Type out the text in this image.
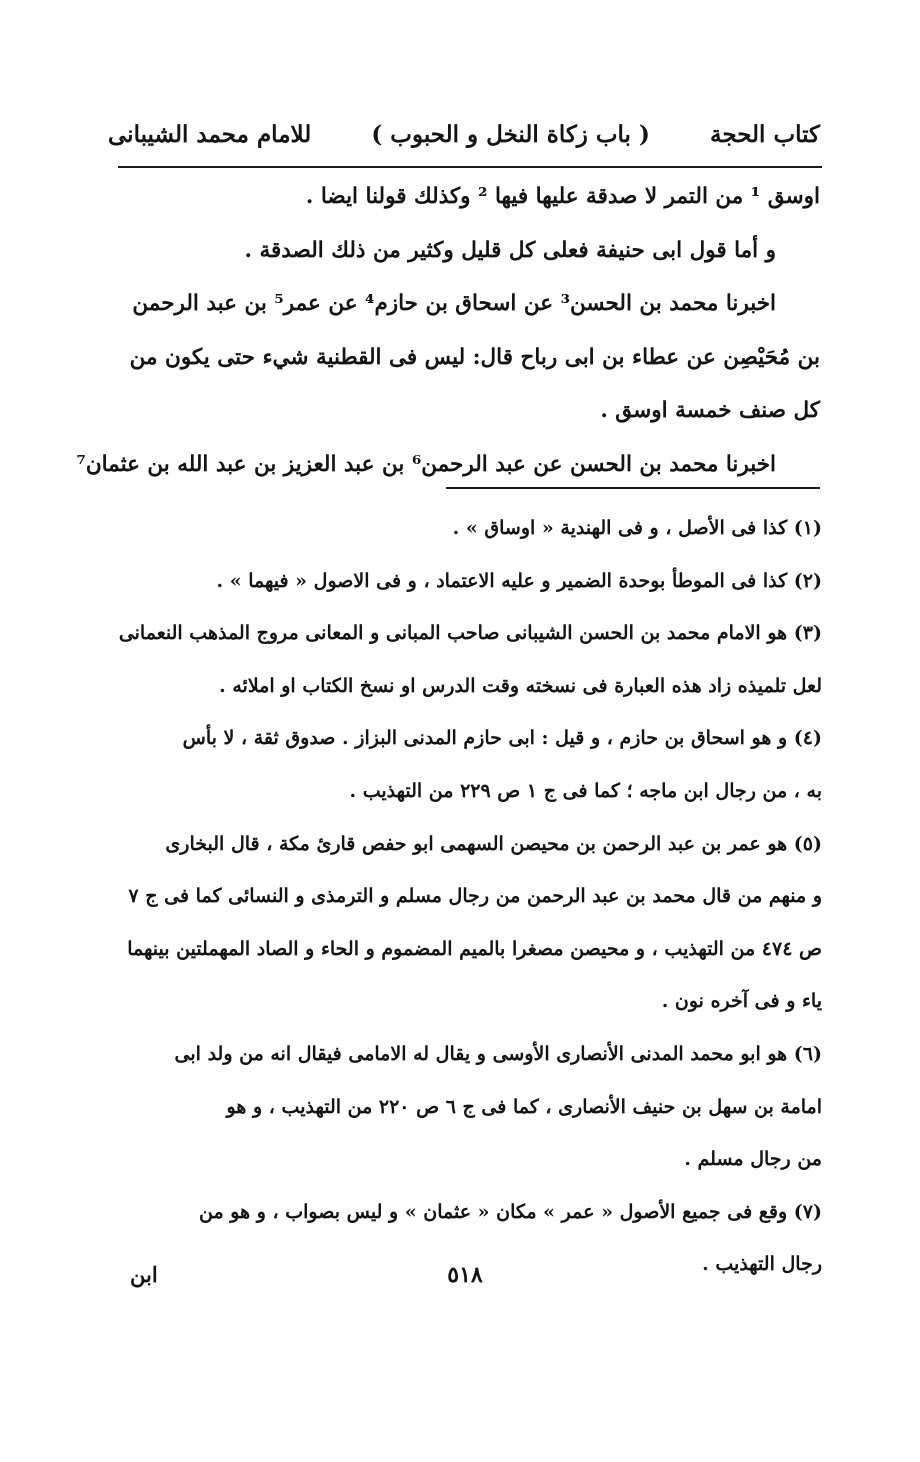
كتاب الحجة
( باب زكاة النخل و الحبوب )
للامام محمد الشيبانى
اوسق ¹ من التمر لا صدقة عليها فيها ² وكذلك قولنا ايضا .
و أما قول ابى حنيفة فعلى كل قليل وكثير من ذلك الصدقة .
اخبرنا محمد بن الحسن³ عن اسحاق بن حازم⁴ عن عمر⁵ بن عبد الرحمن
بن مُحَيْصِن عن عطاء بن ابى رباح قال: ليس فى القطنية شيء حتى يكون من
كل صنف خمسة اوسق .
اخبرنا محمد بن الحسن عن عبد الرحمن⁶ بن عبد العزيز بن عبد الله بن عثمان⁷
(١) كذا فى الأصل ، و فى الهندية « اوساق » .
(٢) كذا فى الموطأ بوحدة الضمير و عليه الاعتماد ، و فى الاصول « فيهما » .
(٣) هو الامام محمد بن الحسن الشيبانى صاحب المبانى و المعانى مروج المذهب النعمانى
لعل تلميذه زاد هذه العبارة فى نسخته وقت الدرس او نسخ الكتاب او املائه .
(٤) و هو اسحاق بن حازم ، و قيل : ابى حازم المدنى البزاز . صدوق ثقة ، لا بأس
به ، من رجال ابن ماجه ؛ كما فى ج ١ ص ٢٢٩ من التهذيب .
(٥) هو عمر بن عبد الرحمن بن محيصن السهمى ابو حفص قارئ مكة ، قال البخارى
و منهم من قال محمد بن عبد الرحمن من رجال مسلم و الترمذى و النسائى كما فى ج ٧
ص ٤٧٤ من التهذيب ، و محيصن مصغرا بالميم المضموم و الحاء و الصاد المهملتين بينهما
ياء و فى آخره نون .
(٦) هو ابو محمد المدنى الأنصارى الأوسى و يقال له الامامى فيقال انه من ولد ابى
امامة بن سهل بن حنيف الأنصارى ، كما فى ج ٦ ص ٢٢٠ من التهذيب ، و هو
من رجال مسلم .
(٧) وقع فى جميع الأصول « عمر » مكان « عثمان » و ليس بصواب ، و هو من
رجال التهذيب .
٥١٨
ابن
